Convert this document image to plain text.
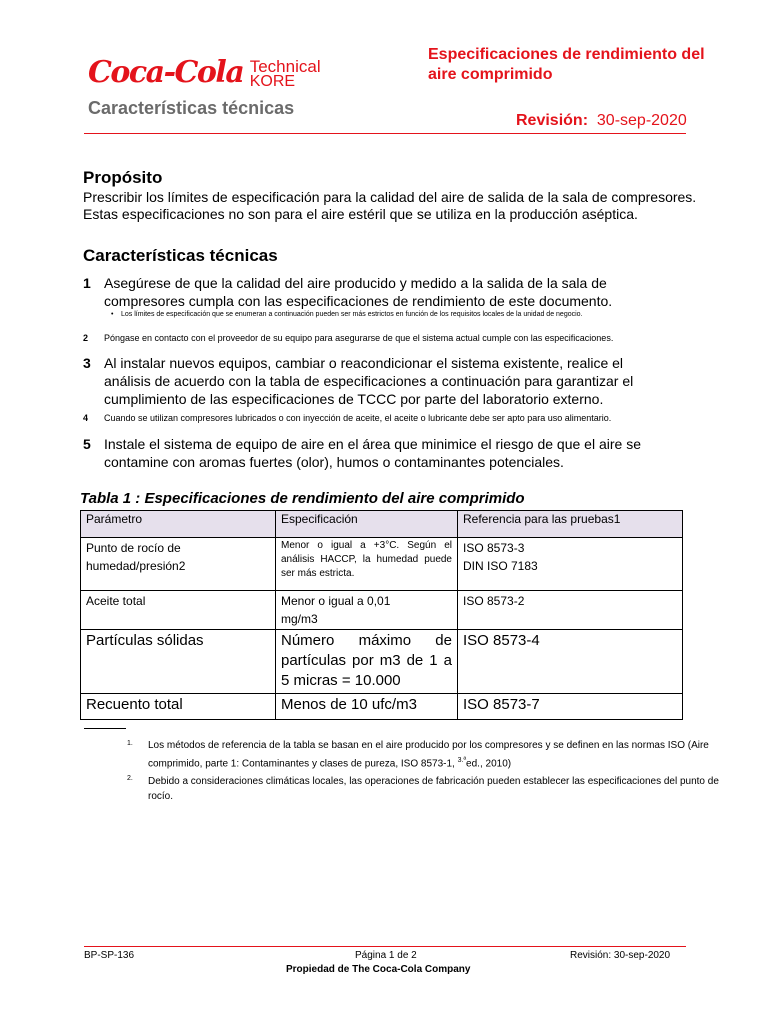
Coca-Cola Technical
KORE
Características técnicas
Especificaciones de rendimiento del aire comprimido
Revisión: 30-sep-2020
Propósito
Prescribir los límites de especificación para la calidad del aire de salida de la sala de compresores. Estas especificaciones no son para el aire estéril que se utiliza en la producción aséptica.
Características técnicas
1 Asegúrese de que la calidad del aire producido y medido a la salida de la sala de compresores cumpla con las especificaciones de rendimiento de este documento.
• Los límites de especificación que se enumeran a continuación pueden ser más estrictos en función de los requisitos locales de la unidad de negocio.
2 Póngase en contacto con el proveedor de su equipo para asegurarse de que el sistema actual cumple con las especificaciones.
3 Al instalar nuevos equipos, cambiar o reacondicionar el sistema existente, realice el análisis de acuerdo con la tabla de especificaciones a continuación para garantizar el cumplimiento de las especificaciones de TCCC por parte del laboratorio externo.
4 Cuando se utilizan compresores lubricados o con inyección de aceite, el aceite o lubricante debe ser apto para uso alimentario.
5 Instale el sistema de equipo de aire en el área que minimice el riesgo de que el aire se contamine con aromas fuertes (olor), humos o contaminantes potenciales.
Tabla 1 : Especificaciones de rendimiento del aire comprimido
Parámetro	Especificación	Referencia para las pruebas1
Punto de rocío de humedad/presión2	Menor o igual a +3°C. Según el análisis HACCP, la humedad puede ser más estricta.	ISO 8573-3
DIN ISO 7183

Aceite total	Menor o igual a 0,01 mg/m3	ISO 8573-2
Partículas sólidas	Número máximo de partículas por m3 de 1 a 5 micras = 10.000	ISO 8573-4
Recuento total	Menos de 10 ufc/m3	ISO 8573-7
1. Los métodos de referencia de la tabla se basan en el aire producido por los compresores y se definen en las normas ISO (Aire comprimido, parte 1: Contaminantes y clases de pureza, ISO 8573-1, $^{3.ª}$ed., 2010)
2. Debido a consideraciones climáticas locales, las operaciones de fabricación pueden establecer las especificaciones del punto de rocío.
BP-SP-136	Página 1 de 2	Revisión: 30-sep-2020
Propiedad de The Coca-Cola Company
